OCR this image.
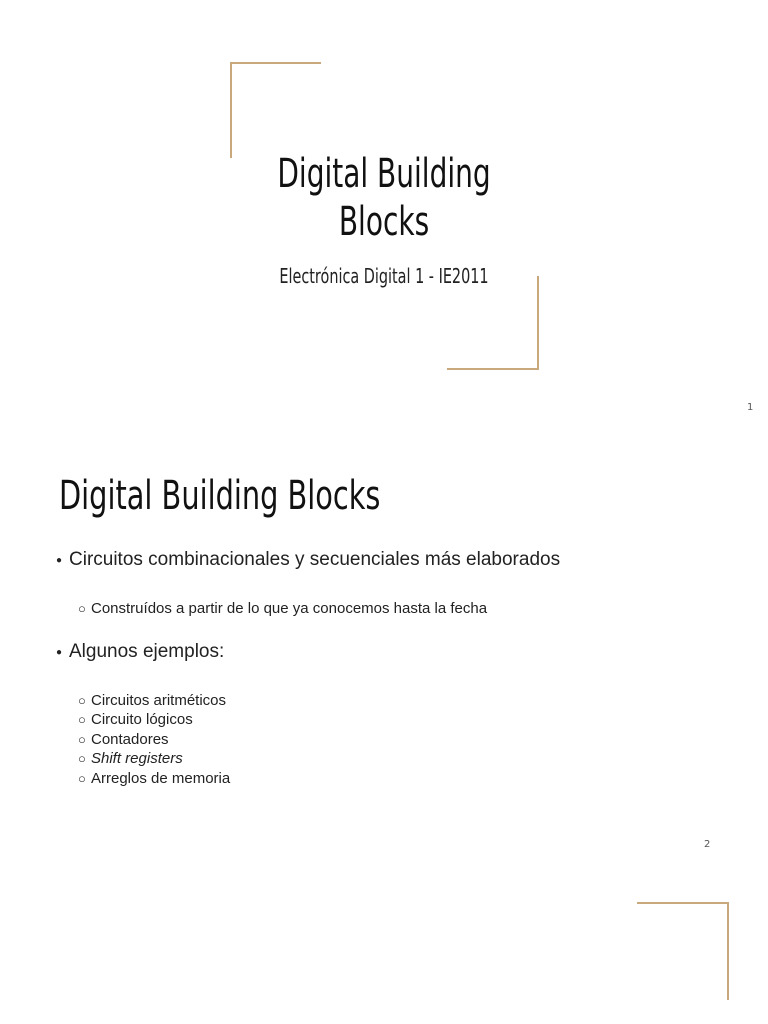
Digital Building
Blocks
Electrónica Digital 1 - IE2011
1
Digital Building Blocks
● Circuitos combinacionales y secuenciales más elaborados
○ Construídos a partir de lo que ya conocemos hasta la fecha
● Algunos ejemplos:
○ Circuitos aritméticos
○ Circuito lógicos
○ Contadores
○ Shift registers
○ Arreglos de memoria
2
